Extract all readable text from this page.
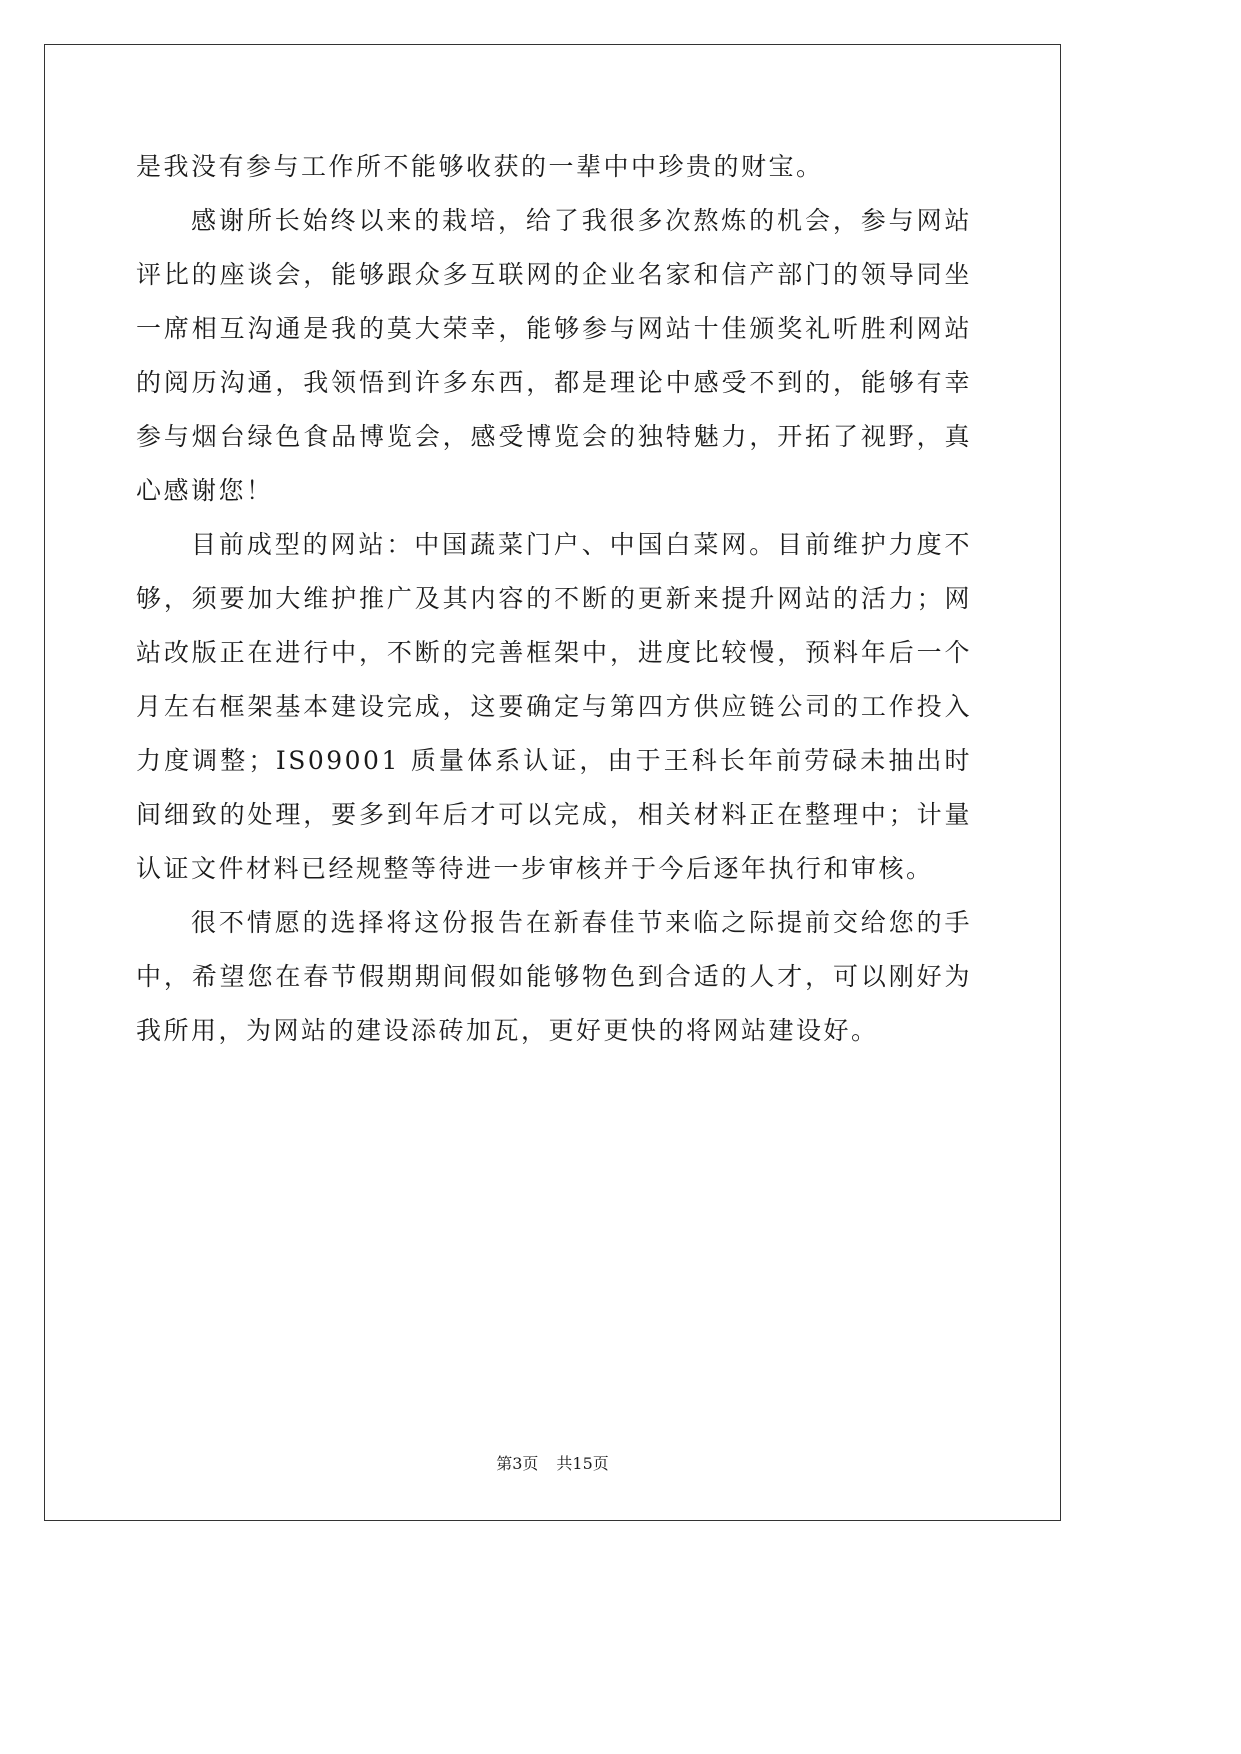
是我没有参与工作所不能够收获的一辈中中珍贵的财宝。

感谢所长始终以来的栽培，给了我很多次熬炼的机会，参与网站评比的座谈会，能够跟众多互联网的企业名家和信产部门的领导同坐一席相互沟通是我的莫大荣幸，能够参与网站十佳颁奖礼听胜利网站的阅历沟通，我领悟到许多东西，都是理论中感受不到的，能够有幸参与烟台绿色食品博览会，感受博览会的独特魅力，开拓了视野，真心感谢您！

目前成型的网站：中国蔬菜门户、中国白菜网。目前维护力度不够，须要加大维护推广及其内容的不断的更新来提升网站的活力；网站改版正在进行中，不断的完善框架中，进度比较慢，预料年后一个月左右框架基本建设完成，这要确定与第四方供应链公司的工作投入力度调整；IS09001 质量体系认证，由于王科长年前劳碌未抽出时间细致的处理，要多到年后才可以完成，相关材料正在整理中；计量认证文件材料已经规整等待进一步审核并于今后逐年执行和审核。

很不情愿的选择将这份报告在新春佳节来临之际提前交给您的手中，希望您在春节假期期间假如能够物色到合适的人才，可以刚好为我所用，为网站的建设添砖加瓦，更好更快的将网站建设好。

第3页 共15页
